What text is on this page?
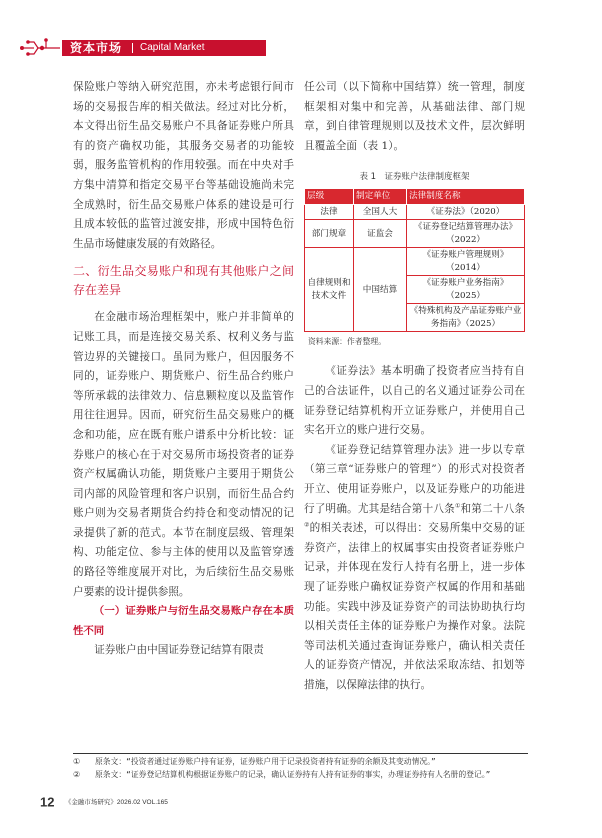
资本市场 Capital Market

保险账户等纳入研究范围，亦未考虑银行间市场的交易报告库的相关做法。经过对比分析，本文得出衍生品交易账户不具备证券账户所具有的资产确权功能，其服务交易者的功能较弱，服务监管机构的作用较强。而在中央对手方集中清算和指定交易平台等基础设施尚未完全成熟时，衍生品交易账户体系的建设是可行且成本较低的监管过渡安排，形成中国特色衍生品市场健康发展的有效路径。

二、衍生品交易账户和现有其他账户之间存在差异

在金融市场治理框架中，账户并非简单的记账工具，而是连接交易关系、权利义务与监管边界的关键接口。虽同为账户，但因服务不同的，证券账户、期货账户、衍生品合约账户等所承载的法律效力、信息颗粒度以及监管作用往往迥异。因而，研究衍生品交易账户的概念和功能，应在既有账户谱系中分析比较：证券账户的核心在于对交易所市场投资者的证券资产权属确认功能，期货账户主要用于期货公司内部的风险管理和客户识别，而衍生品合约账户则为交易者期货合约持仓和变动情况的记录提供了新的范式。本节在制度层级、管理架构、功能定位、参与主体的使用以及监管穿透的路径等维度展开对比，为后续衍生品交易账户要素的设计提供参照。

（一）证券账户与衍生品交易账户存在本质性不同

证券账户由中国证券登记结算有限责

任公司（以下简称中国结算）统一管理，制度框架相对集中和完善，从基础法律、部门规章，到自律管理规则以及技术文件，层次鲜明且覆盖全面（表 1）。

表 1　证券账户法律制度框架
层级	制定单位	法律制度名称
法律	全国人大	《证券法》（2020）
部门规章	证监会	《证券登记结算管理办法》（2022）
自律规则和技术文件	中国结算	《证券账户管理规则》（2014）
		《证券账户业务指南》（2025）
		《特殊机构及产品证券账户业务指南》（2025）
资料来源：作者整理。

《证券法》基本明确了投资者应当持有自己的合法证件，以自己的名义通过证券公司在证券登记结算机构开立证券账户，并使用自己实名开立的账户进行交易。

《证券登记结算管理办法》进一步以专章（第三章“证券账户的管理”）的形式对投资者开立、使用证券账户，以及证券账户的功能进行了明确。尤其是结合第十八条①和第二十八条②的相关表述，可以得出：交易所集中交易的证券资产，法律上的权属事实由投资者证券账户记录，并体现在发行人持有名册上，进一步体现了证券账户确权证券资产权属的作用和基础功能。实践中涉及证券资产的司法协助执行均以相关责任主体的证券账户为操作对象。法院等司法机关通过查询证券账户，确认相关责任人的证券资产情况，并依法采取冻结、扣划等措施，以保障法律的执行。

①	原条文：“投资者通过证券账户持有证券，证券账户用于记录投资者持有证券的余额及其变动情况。”
②	原条文：“证券登记结算机构根据证券账户的记录，确认证券持有人持有证券的事实，办理证券持有人名册的登记。”
12 《金融市场研究》2026.02 VOL.165
